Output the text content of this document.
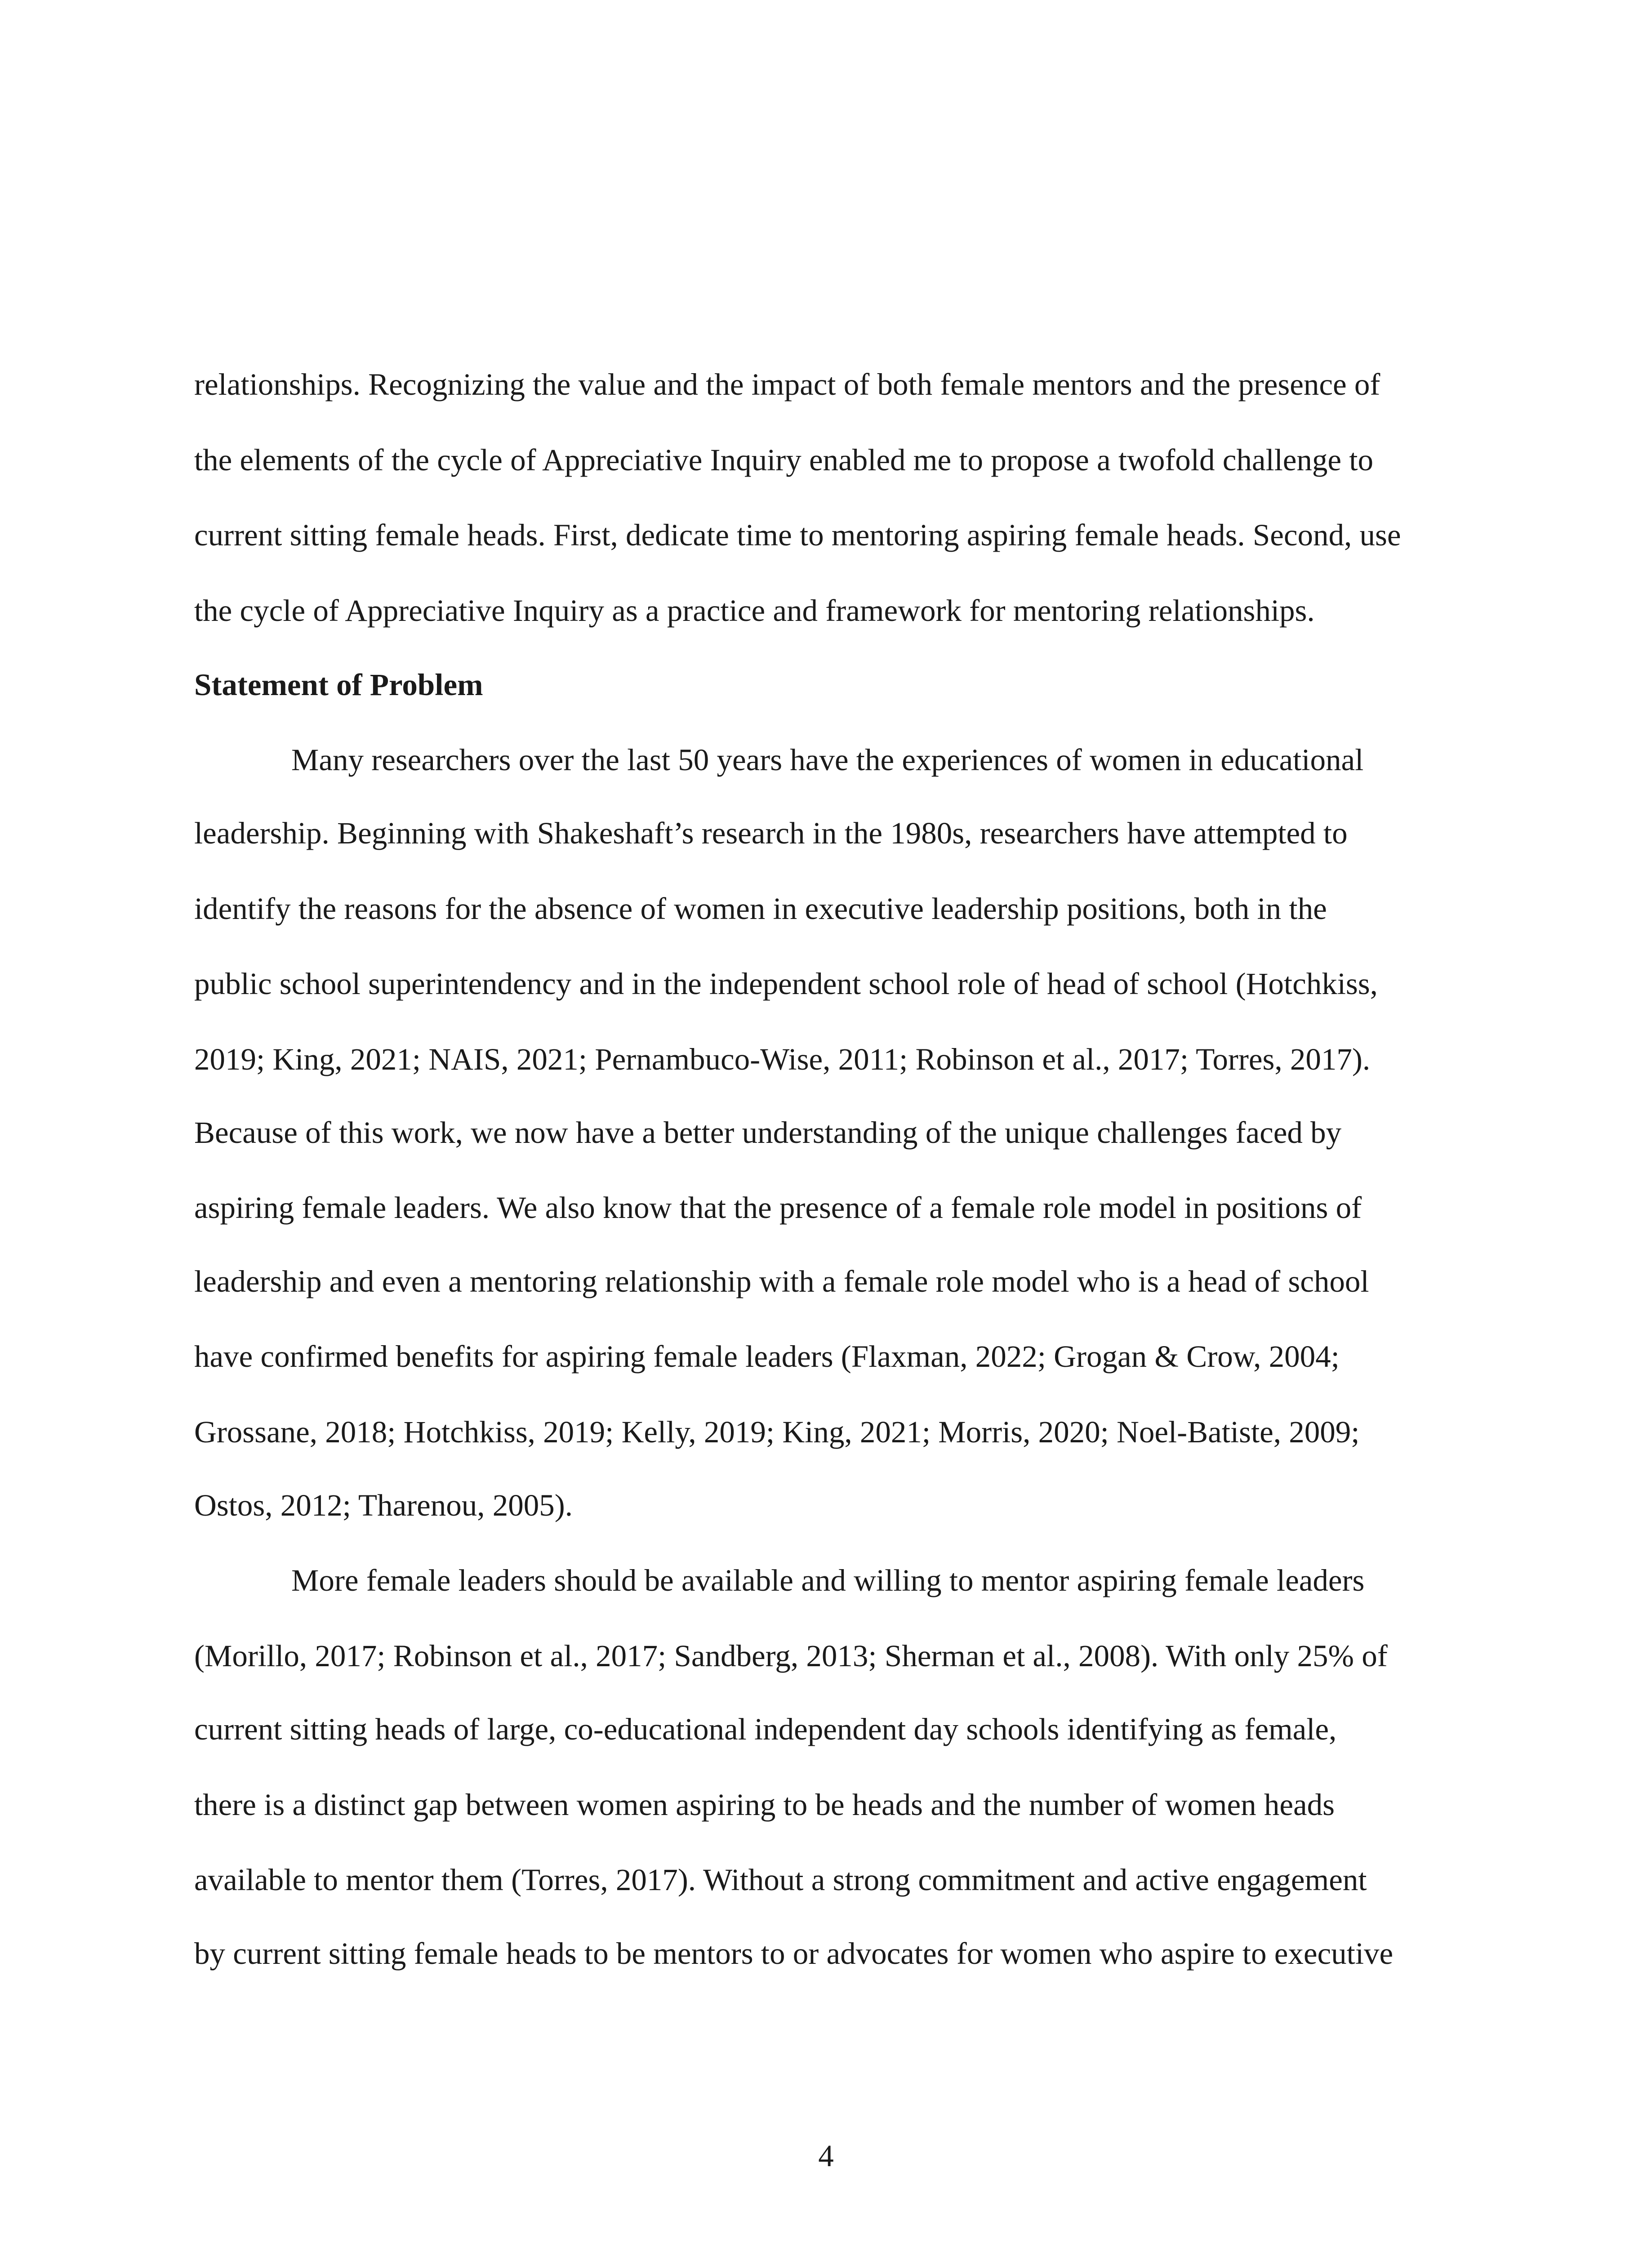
relationships. Recognizing the value and the impact of both female mentors and the presence of
the elements of the cycle of Appreciative Inquiry enabled me to propose a twofold challenge to
current sitting female heads. First, dedicate time to mentoring aspiring female heads. Second, use
the cycle of Appreciative Inquiry as a practice and framework for mentoring relationships.
Statement of Problem
Many researchers over the last 50 years have the experiences of women in educational
leadership. Beginning with Shakeshaft’s research in the 1980s, researchers have attempted to
identify the reasons for the absence of women in executive leadership positions, both in the
public school superintendency and in the independent school role of head of school (Hotchkiss,
2019; King, 2021; NAIS, 2021; Pernambuco-Wise, 2011; Robinson et al., 2017; Torres, 2017).
Because of this work, we now have a better understanding of the unique challenges faced by
aspiring female leaders. We also know that the presence of a female role model in positions of
leadership and even a mentoring relationship with a female role model who is a head of school
have confirmed benefits for aspiring female leaders (Flaxman, 2022; Grogan & Crow, 2004;
Grossane, 2018; Hotchkiss, 2019; Kelly, 2019; King, 2021; Morris, 2020; Noel-Batiste, 2009;
Ostos, 2012; Tharenou, 2005).
More female leaders should be available and willing to mentor aspiring female leaders
(Morillo, 2017; Robinson et al., 2017; Sandberg, 2013; Sherman et al., 2008). With only 25% of
current sitting heads of large, co-educational independent day schools identifying as female,
there is a distinct gap between women aspiring to be heads and the number of women heads
available to mentor them (Torres, 2017). Without a strong commitment and active engagement
by current sitting female heads to be mentors to or advocates for women who aspire to executive
4
